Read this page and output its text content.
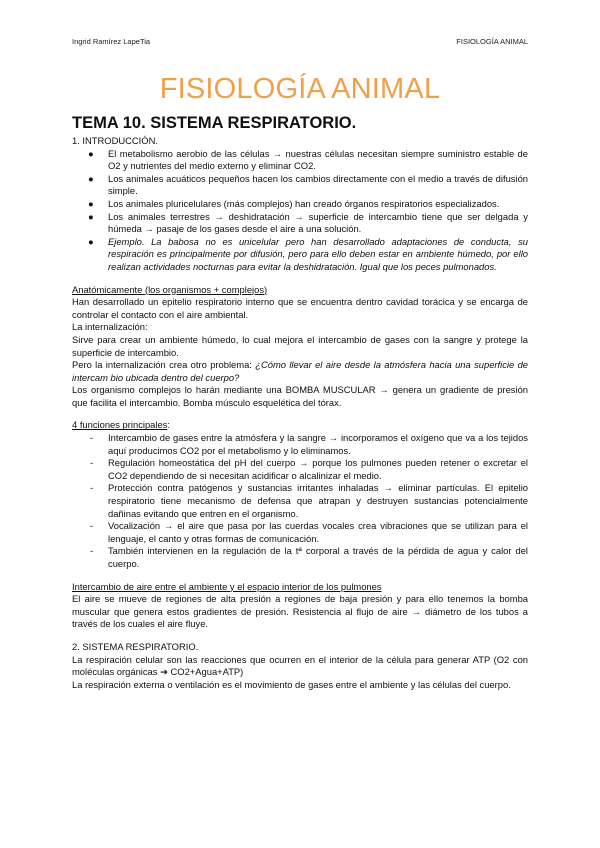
Ingrid Ramírez LapeTia	FISIOLOGÍA ANIMAL
FISIOLOGÍA ANIMAL
TEMA 10. SISTEMA RESPIRATORIO.
1. INTRODUCCIÓN.
● El metabolismo aerobio de las células → nuestras células necesitan siempre suministro estable de O2 y nutrientes del medio externo y eliminar CO2.
● Los animales acuáticos pequeños hacen los cambios directamente con el medio a través de difusión simple.
● Los animales pluricelulares (más complejos) han creado órganos respiratorios especializados.
● Los animales terrestres → deshidratación → superficie de intercambio tiene que ser delgada y húmeda → pasaje de los gases desde el aire a una solución.
● Ejemplo. La babosa no es unicelular pero han desarrollado adaptaciones de conducta, su respiración es principalmente por difusión, pero para ello deben estar en ambiente húmedo, por ello realizan actividades nocturnas para evitar la deshidratación. Igual que los peces pulmonados.
Anatómicamente (los organismos + complejos)
Han desarrollado un epitelio respiratorio interno que se encuentra dentro cavidad torácica y se encarga de controlar el contacto con el aire ambiental.
La internalización:
Sirve para crear un ambiente húmedo, lo cual mejora el intercambio de gases con la sangre y protege la superficie de intercambio.
Pero la internalización crea otro problema: ¿Cómo llevar el aire desde la atmósfera hacia una superficie de intercam bio ubicada dentro del cuerpo?
Los organismo complejos lo harán mediante una BOMBA MUSCULAR → genera un gradiente de presión que facilita el intercambio. Bomba músculo esquelética del tórax.
4 funciones principales:
- Intercambio de gases entre la atmósfera y la sangre → incorporamos el oxígeno que va a los tejidos aquí producimos CO2 por el metabolismo y lo eliminamos.
- Regulación homeostática del pH del cuerpo → porque los pulmones pueden retener o excretar el CO2 dependiendo de si necesitan acidificar o alcalinizar el medio.
- Protección contra patógenos y sustancias irritantes inhaladas → eliminar partículas. El epitelio respiratorio tiene mecanismo de defensa que atrapan y destruyen sustancias potencialmente dañinas evitando que entren en el organismo.
- Vocalización → el aire que pasa por las cuerdas vocales crea vibraciones que se utilizan para el lenguaje, el canto y otras formas de comunicación.
- También intervienen en la regulación de la tª corporal a través de la pérdida de agua y calor del cuerpo.
Intercambio de aire entre el ambiente y el espacio interior de los pulmones
El aire se mueve de regiones de alta presión a regiones de baja presión y para ello tenemos la bomba muscular que genera estos gradientes de presión. Resistencia al flujo de aire → diámetro de los tubos a través de los cuales el aire fluye.
2. SISTEMA RESPIRATORIO.
La respiración celular son las reacciones que ocurren en el interior de la célula para generar ATP (O2 con moléculas orgánicas ➔ CO2+Agua+ATP)
La respiración externa o ventilación es el movimiento de gases entre el ambiente y las células del cuerpo.
